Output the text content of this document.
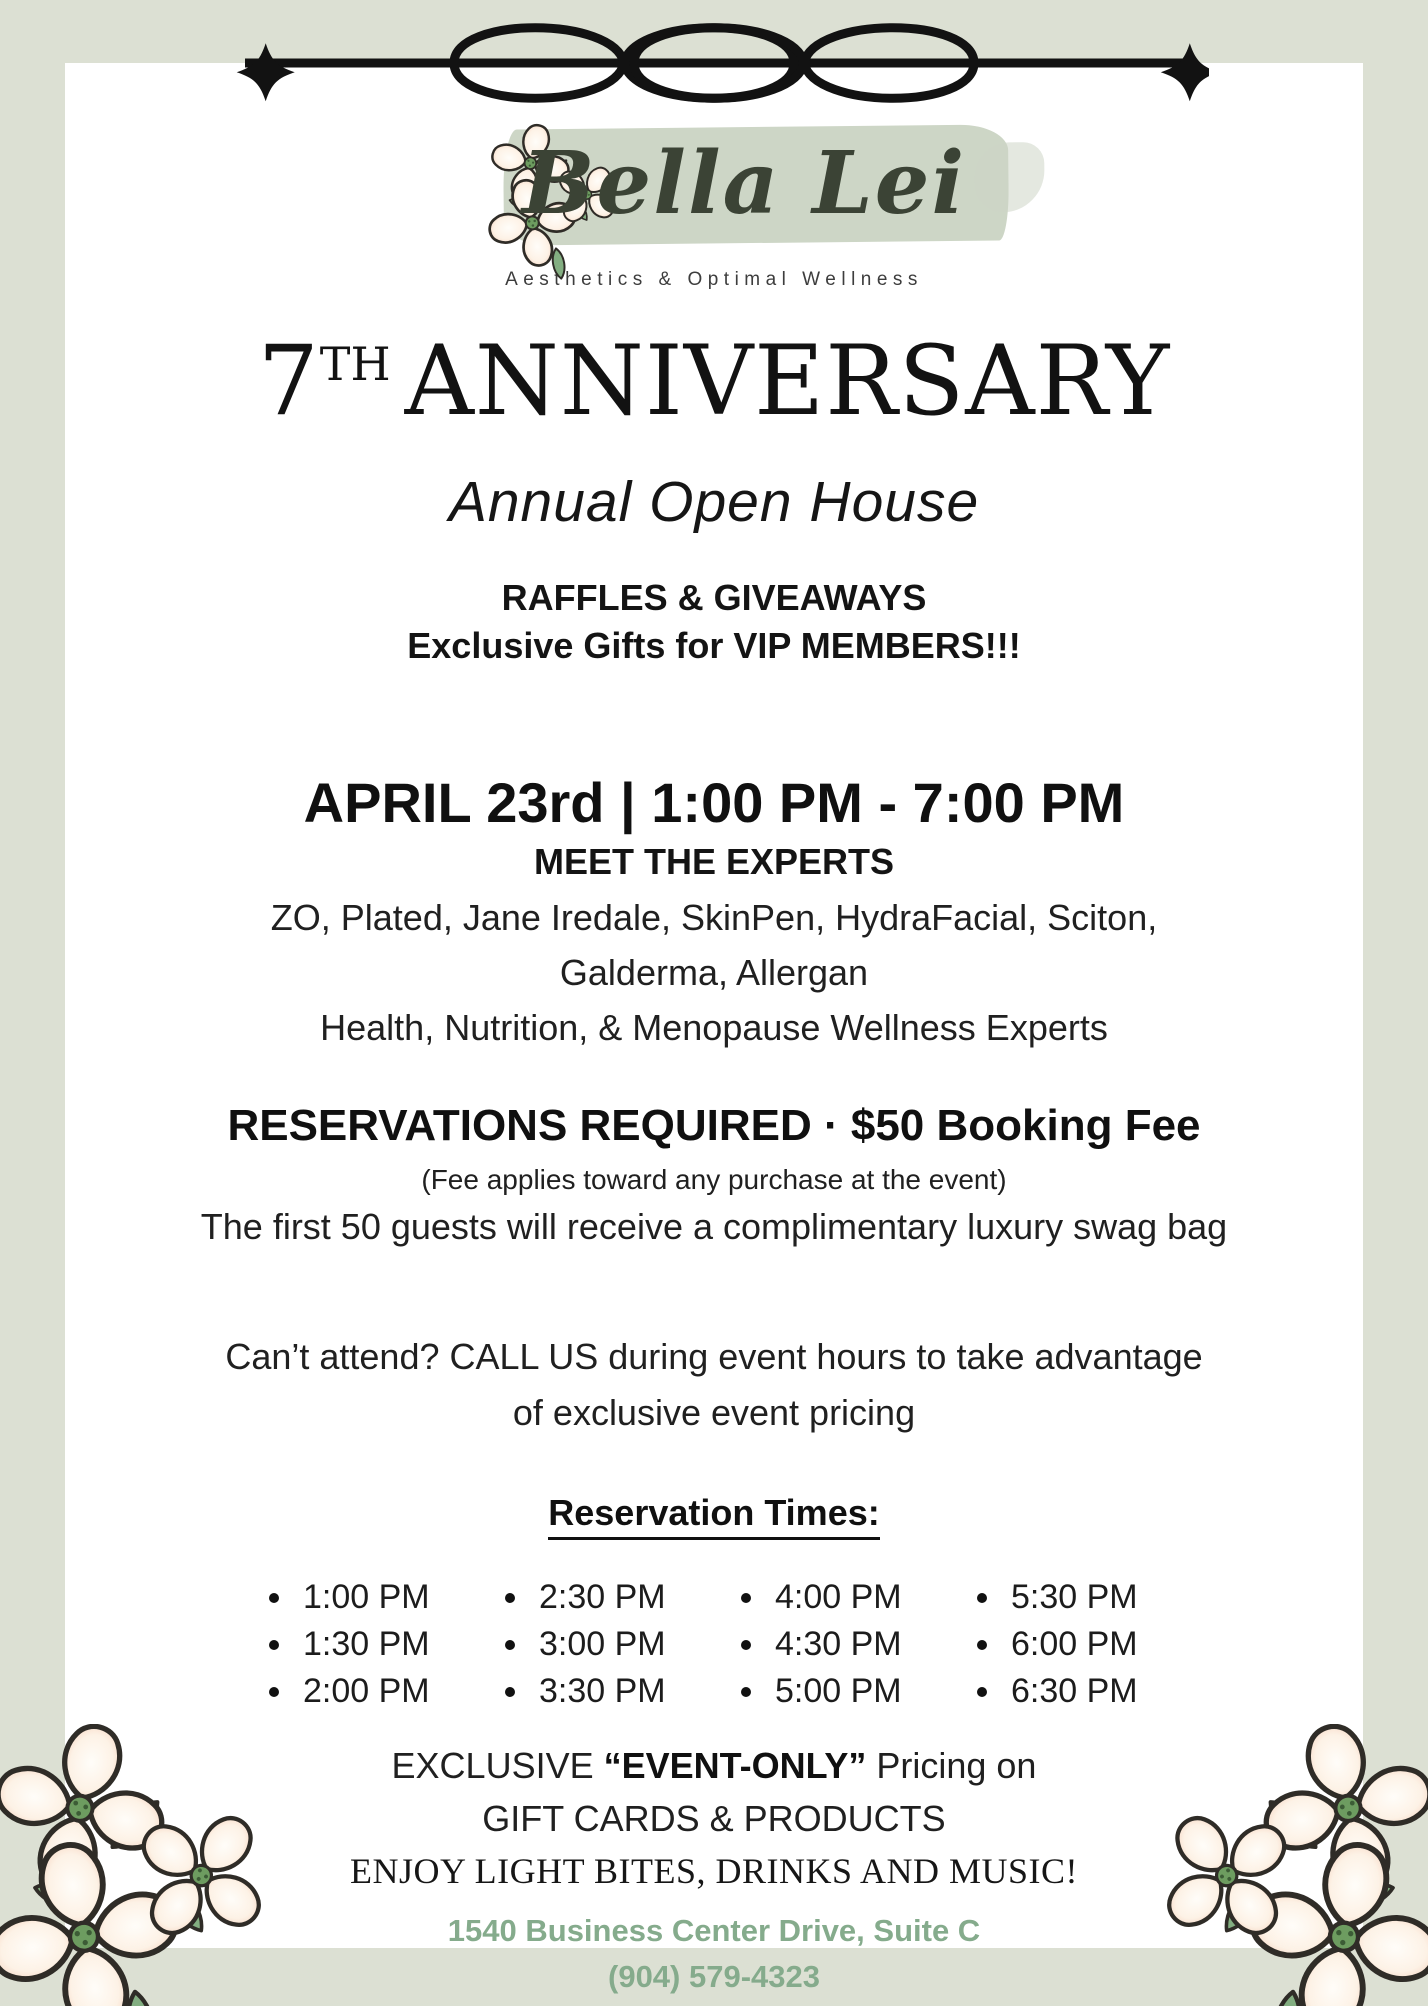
Bella Lei
Aesthetics & Optimal Wellness
7TH ANNIVERSARY
Annual Open House
RAFFLES & GIVEAWAYS
Exclusive Gifts for VIP MEMBERS!!!
APRIL 23rd | 1:00 PM - 7:00 PM
MEET THE EXPERTS
ZO, Plated, Jane Iredale, SkinPen, HydraFacial, Sciton,
Galderma, Allergan
Health, Nutrition, & Menopause Wellness Experts
RESERVATIONS REQUIRED · $50 Booking Fee
(Fee applies toward any purchase at the event)
The first 50 guests will receive a complimentary luxury swag bag
Can’t attend? CALL US during event hours to take advantage
of exclusive event pricing
Reservation Times:
1:00 PM
1:30 PM
2:00 PM
2:30 PM
3:00 PM
3:30 PM
4:00 PM
4:30 PM
5:00 PM
5:30 PM
6:00 PM
6:30 PM
EXCLUSIVE “EVENT-ONLY” Pricing on
GIFT CARDS & PRODUCTS
ENJOY LIGHT BITES, DRINKS AND MUSIC!
1540 Business Center Drive, Suite C
(904) 579-4323
